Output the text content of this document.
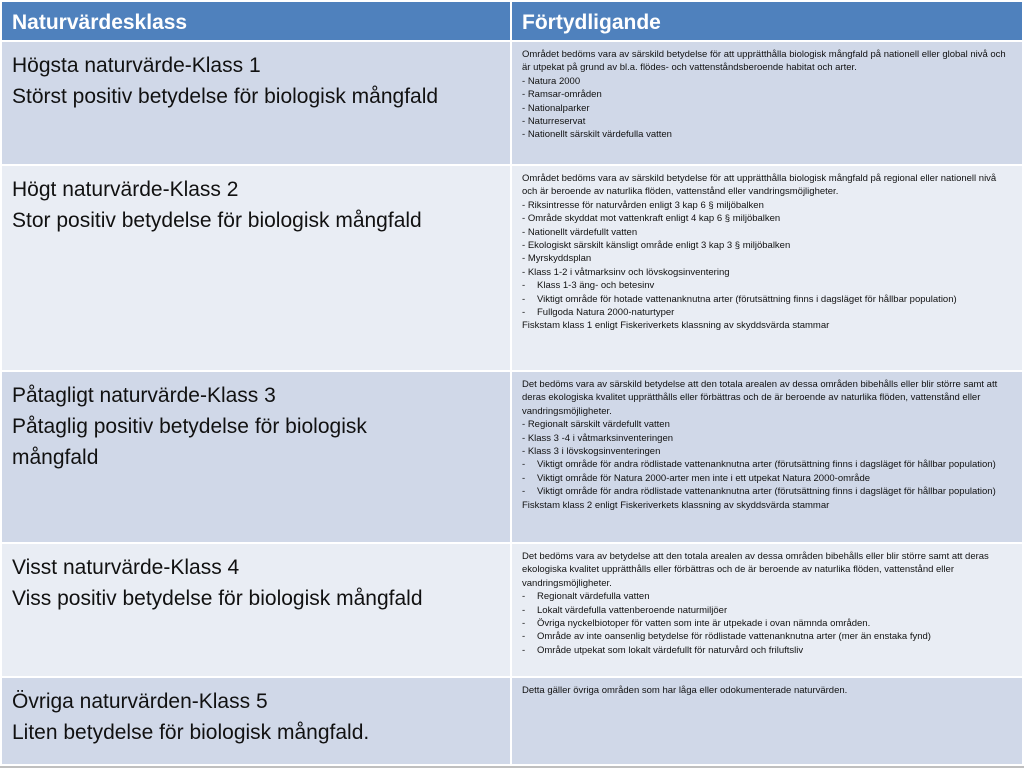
Naturvärdesklass	Förtydligande
Högsta naturvärde-Klass 1
Störst positiv betydelse för biologisk mångfald

Området bedöms vara av särskild betydelse för att upprätthålla biologisk mångfald på nationell eller global nivå och är utpekat på grund av bl.a. flödes- och vattenståndsberoende habitat och arter.

- Natura 2000
- Ramsar-områden
- Nationalparker
- Naturreservat
- Nationellt särskilt värdefulla vatten
Högt naturvärde-Klass 2
Stor positiv betydelse för biologisk mångfald

Området bedöms vara av särskild betydelse för att upprätthålla biologisk mångfald på regional eller nationell nivå och är beroende av naturlika flöden, vattenstånd eller vandringsmöjligheter.

- Riksintresse för naturvården enligt 3 kap 6 § miljöbalken
- Område skyddat mot vattenkraft enligt 4 kap 6 § miljöbalken
- Nationellt värdefullt vatten
- Ekologiskt särskilt känsligt område enligt 3 kap 3 § miljöbalken
- Myrskyddsplan
- Klass 1-2 i våtmarksinv och lövskogsinventering
- Klass 1-3 äng- och betesinv
- Viktigt område för hotade vattenanknutna arter (förutsättning finns i dagsläget för hållbar population)
- Fullgoda Natura 2000-naturtyper

Fiskstam klass 1 enligt Fiskeriverkets klassning av skyddsvärda stammar

Påtagligt naturvärde-Klass 3
Påtaglig positiv betydelse för biologisk mångfald

Det bedöms vara av särskild betydelse att den totala arealen av dessa områden bibehålls eller blir större samt att deras ekologiska kvalitet upprätthålls eller förbättras och de är beroende av naturlika flöden, vattenstånd eller vandringsmöjligheter.

- Regionalt särskilt värdefullt vatten
- Klass 3 -4 i våtmarksinventeringen
- Klass 3 i lövskogsinventeringen
- Viktigt område för andra rödlistade vattenanknutna arter (förutsättning finns i dagsläget för hållbar population)
- Viktigt område för Natura 2000-arter men inte i ett utpekat Natura 2000-område
- Viktigt område för andra rödlistade vattenanknutna arter (förutsättning finns i dagsläget för hållbar population)

Fiskstam klass 2 enligt Fiskeriverkets klassning av skyddsvärda stammar

Visst naturvärde-Klass 4
Viss positiv betydelse för biologisk mångfald

Det bedöms vara av betydelse att den totala arealen av dessa områden bibehålls eller blir större samt att deras ekologiska kvalitet upprätthålls eller förbättras och de är beroende av naturlika flöden, vattenstånd eller vandringsmöjligheter.

- Regionalt värdefulla vatten
- Lokalt värdefulla vattenberoende naturmiljöer
- Övriga nyckelbiotoper för vatten som inte är utpekade i ovan nämnda områden.
- Område av inte oansenlig betydelse för rödlistade vattenanknutna arter (mer än enstaka fynd)
- Område utpekat som lokalt värdefullt för naturvård och friluftsliv
Övriga naturvärden-Klass 5
Liten betydelse för biologisk mångfald.

Detta gäller övriga områden som har låga eller odokumenterade naturvärden.
